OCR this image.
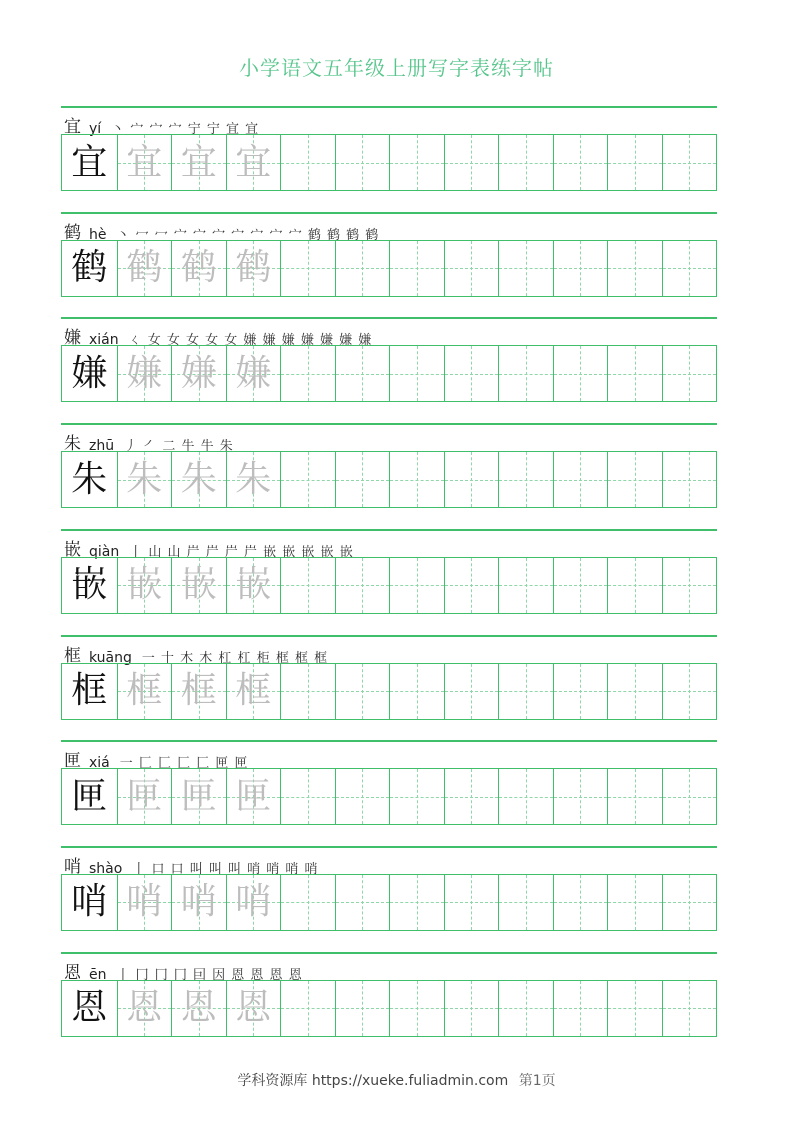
小学语文五年级上册写字表练字帖
宜 yí 丶 宀 宀 宀 宁 宁 宜 宜
宜 宜 宜 宜
鹤 hè 丶 冖 冖 宀 宀 宀 宀 宀 宀 宀 鹤 鹤 鹤 鹤
鹤 鹤 鹤 鹤
嫌 xián ㄑ 女 女 女 女 女 嫌 嫌 嫌 嫌 嫌 嫌 嫌
嫌 嫌 嫌 嫌
朱 zhū 丿 ㇒ 二 牛 牛 朱
朱 朱 朱 朱
嵌 qiàn 丨 山 山 屵 屵 屵 屵 嵌 嵌 嵌 嵌 嵌
嵌 嵌 嵌 嵌
框 kuāng 一 十 木 木 杠 杠 柜 框 框 框
框 框 框 框
匣 xiá 一 匚 匚 匚 匚 匣 匣
匣 匣 匣 匣
哨 shào 丨 口 口 叫 叫 叫 哨 哨 哨 哨
哨 哨 哨 哨
恩 ēn 丨 冂 冂 冂 囙 因 恩 恩 恩 恩
恩 恩 恩 恩
学科资源库 https://xueke.fuliadmin.com 第1页
